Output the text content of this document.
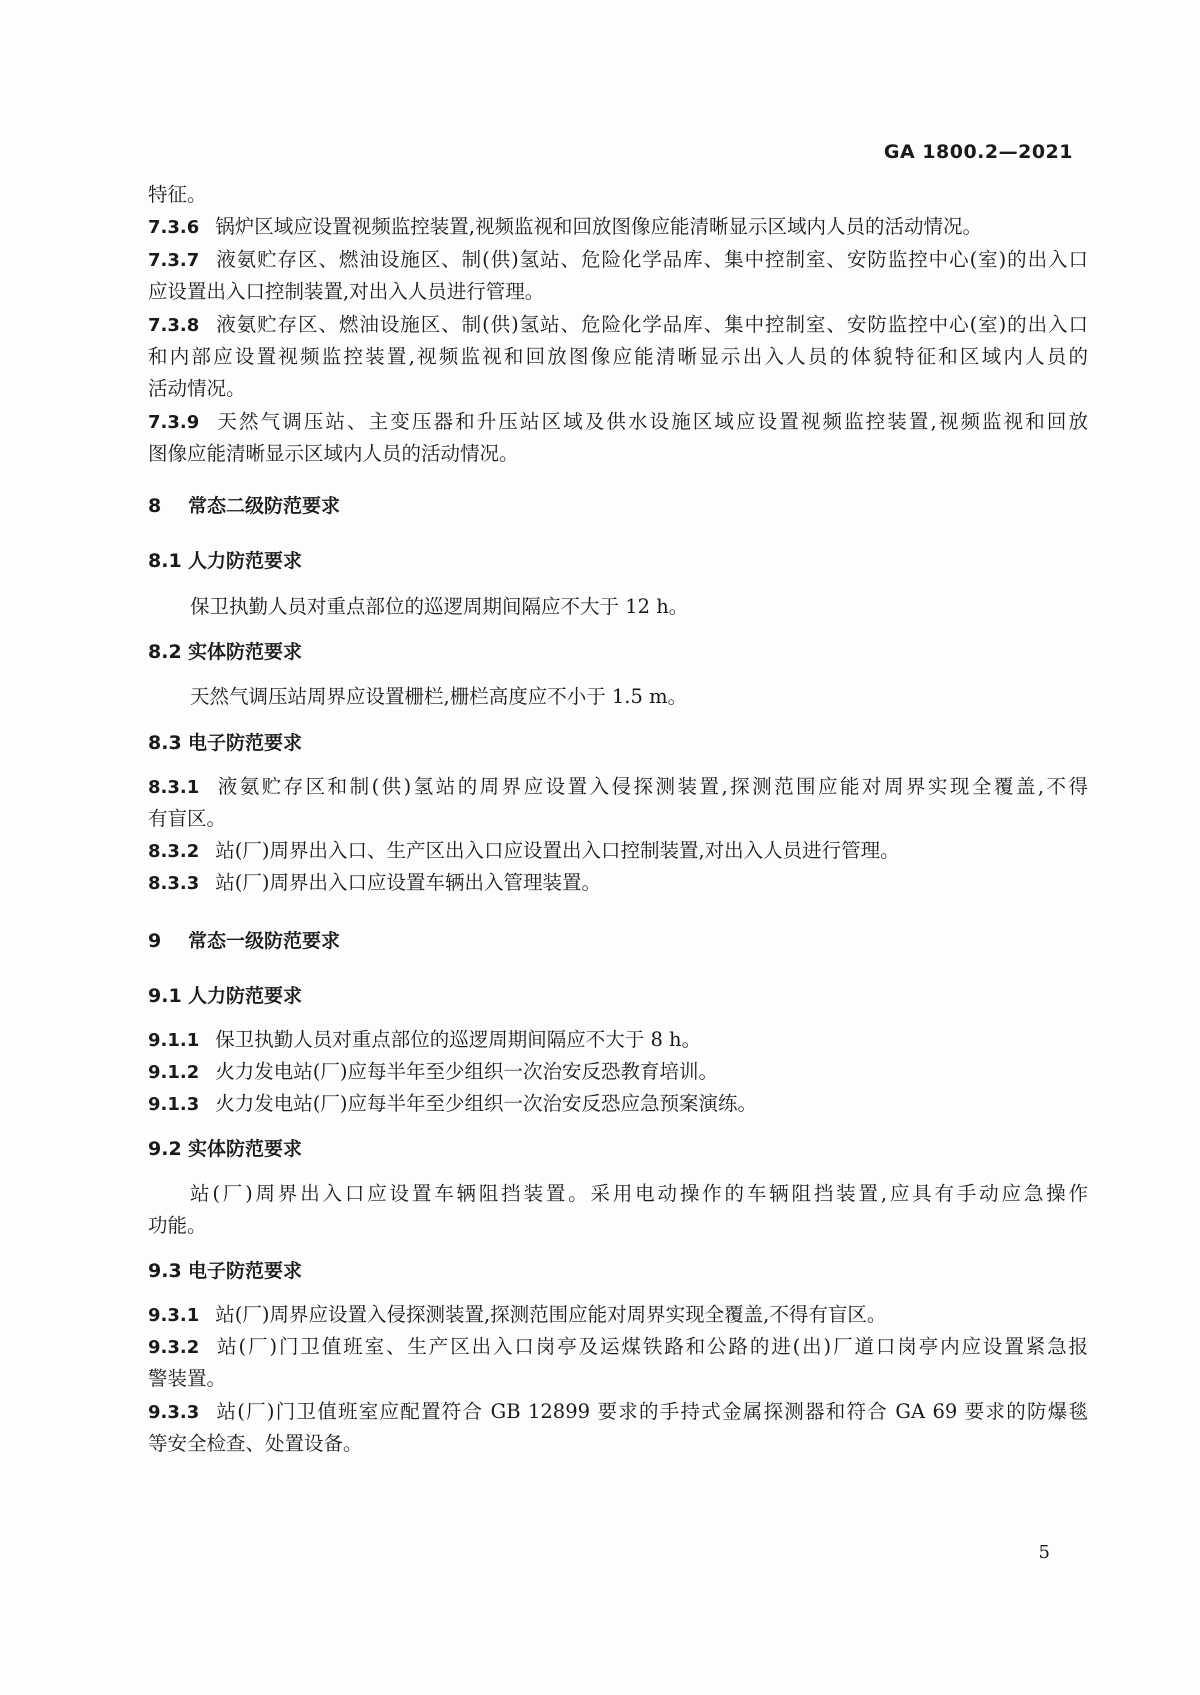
GA 1800.2—2021
特征。
7.3.6 锅炉区域应设置视频监控装置,视频监视和回放图像应能清晰显示区域内人员的活动情况。
7.3.7 液氨贮存区、燃油设施区、制(供)氢站、危险化学品库、集中控制室、安防监控中心(室)的出入口
应设置出入口控制装置,对出入人员进行管理。
7.3.8 液氨贮存区、燃油设施区、制(供)氢站、危险化学品库、集中控制室、安防监控中心(室)的出入口
和内部应设置视频监控装置,视频监视和回放图像应能清晰显示出入人员的体貌特征和区域内人员的
活动情况。
7.3.9 天然气调压站、主变压器和升压站区域及供水设施区域应设置视频监控装置,视频监视和回放
图像应能清晰显示区域内人员的活动情况。
8 常态二级防范要求
8.1 人力防范要求
保卫执勤人员对重点部位的巡逻周期间隔应不大于 12 h。
8.2 实体防范要求
天然气调压站周界应设置栅栏,栅栏高度应不小于 1.5 m。
8.3 电子防范要求
8.3.1 液氨贮存区和制(供)氢站的周界应设置入侵探测装置,探测范围应能对周界实现全覆盖,不得
有盲区。
8.3.2 站(厂)周界出入口、生产区出入口应设置出入口控制装置,对出入人员进行管理。
8.3.3 站(厂)周界出入口应设置车辆出入管理装置。
9 常态一级防范要求
9.1 人力防范要求
9.1.1 保卫执勤人员对重点部位的巡逻周期间隔应不大于 8 h。
9.1.2 火力发电站(厂)应每半年至少组织一次治安反恐教育培训。
9.1.3 火力发电站(厂)应每半年至少组织一次治安反恐应急预案演练。
9.2 实体防范要求
站(厂)周界出入口应设置车辆阻挡装置。采用电动操作的车辆阻挡装置,应具有手动应急操作
功能。
9.3 电子防范要求
9.3.1 站(厂)周界应设置入侵探测装置,探测范围应能对周界实现全覆盖,不得有盲区。
9.3.2 站(厂)门卫值班室、生产区出入口岗亭及运煤铁路和公路的进(出)厂道口岗亭内应设置紧急报
警装置。
9.3.3 站(厂)门卫值班室应配置符合 GB 12899 要求的手持式金属探测器和符合 GA 69 要求的防爆毯
等安全检查、处置设备。
5
